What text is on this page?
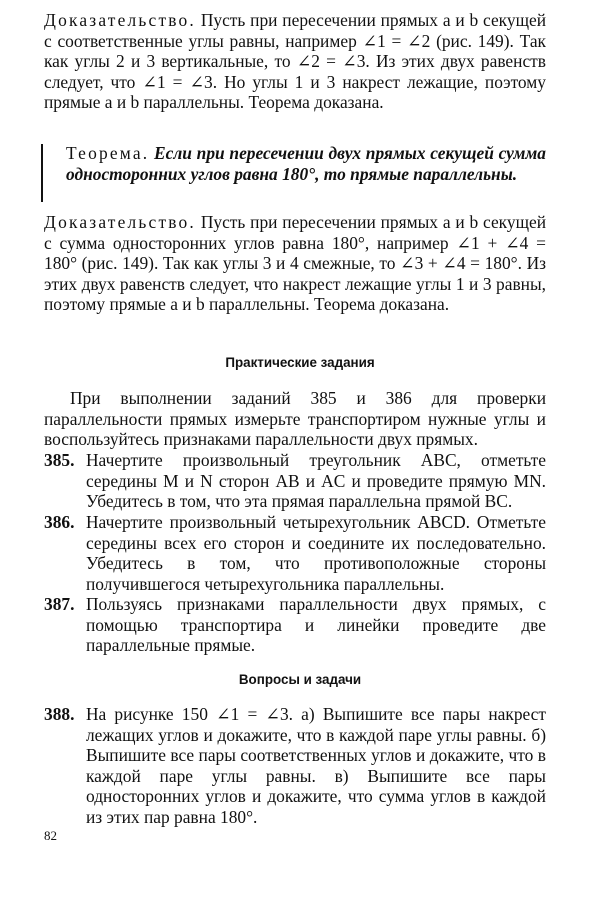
Доказательство. Пусть при пересечении прямых a и b секущей c соответственные углы равны, например ∠1 = ∠2 (рис. 149). Так как углы 2 и 3 вертикальные, то ∠2 = ∠3. Из этих двух равенств следует, что ∠1 = ∠3. Но углы 1 и 3 накрест лежащие, поэтому прямые a и b параллельны. Теорема доказана.

Теорема. Если при пересечении двух прямых секущей сумма односторонних углов равна 180°, то прямые параллельны.

Доказательство. Пусть при пересечении прямых a и b секущей c сумма односторонних углов равна 180°, например ∠1 + ∠4 = 180° (рис. 149). Так как углы 3 и 4 смежные, то ∠3 + ∠4 = 180°. Из этих двух равенств следует, что накрест лежащие углы 1 и 3 равны, поэтому прямые a и b параллельны. Теорема доказана.

Практические задания

При выполнении заданий 385 и 386 для проверки параллельности прямых измерьте транспортиром нужные углы и воспользуйтесь признаками параллельности двух прямых.

385. Начертите произвольный треугольник ABC, отметьте середины M и N сторон AB и AC и проведите прямую MN. Убедитесь в том, что эта прямая параллельна прямой BC.
386. Начертите произвольный четырехугольник ABCD. Отметьте середины всех его сторон и соедините их последовательно. Убедитесь в том, что противоположные стороны получившегося четырехугольника параллельны.
387. Пользуясь признаками параллельности двух прямых, с помощью транспортира и линейки проведите две параллельные прямые.
Вопросы и задачи
388. На рисунке 150 ∠1 = ∠3. а) Выпишите все пары накрест лежащих углов и докажите, что в каждой паре углы равны. б) Выпишите все пары соответственных углов и докажите, что в каждой паре углы равны. в) Выпишите все пары односторонних углов и докажите, что сумма углов в каждой из этих пар равна 180°.
82
